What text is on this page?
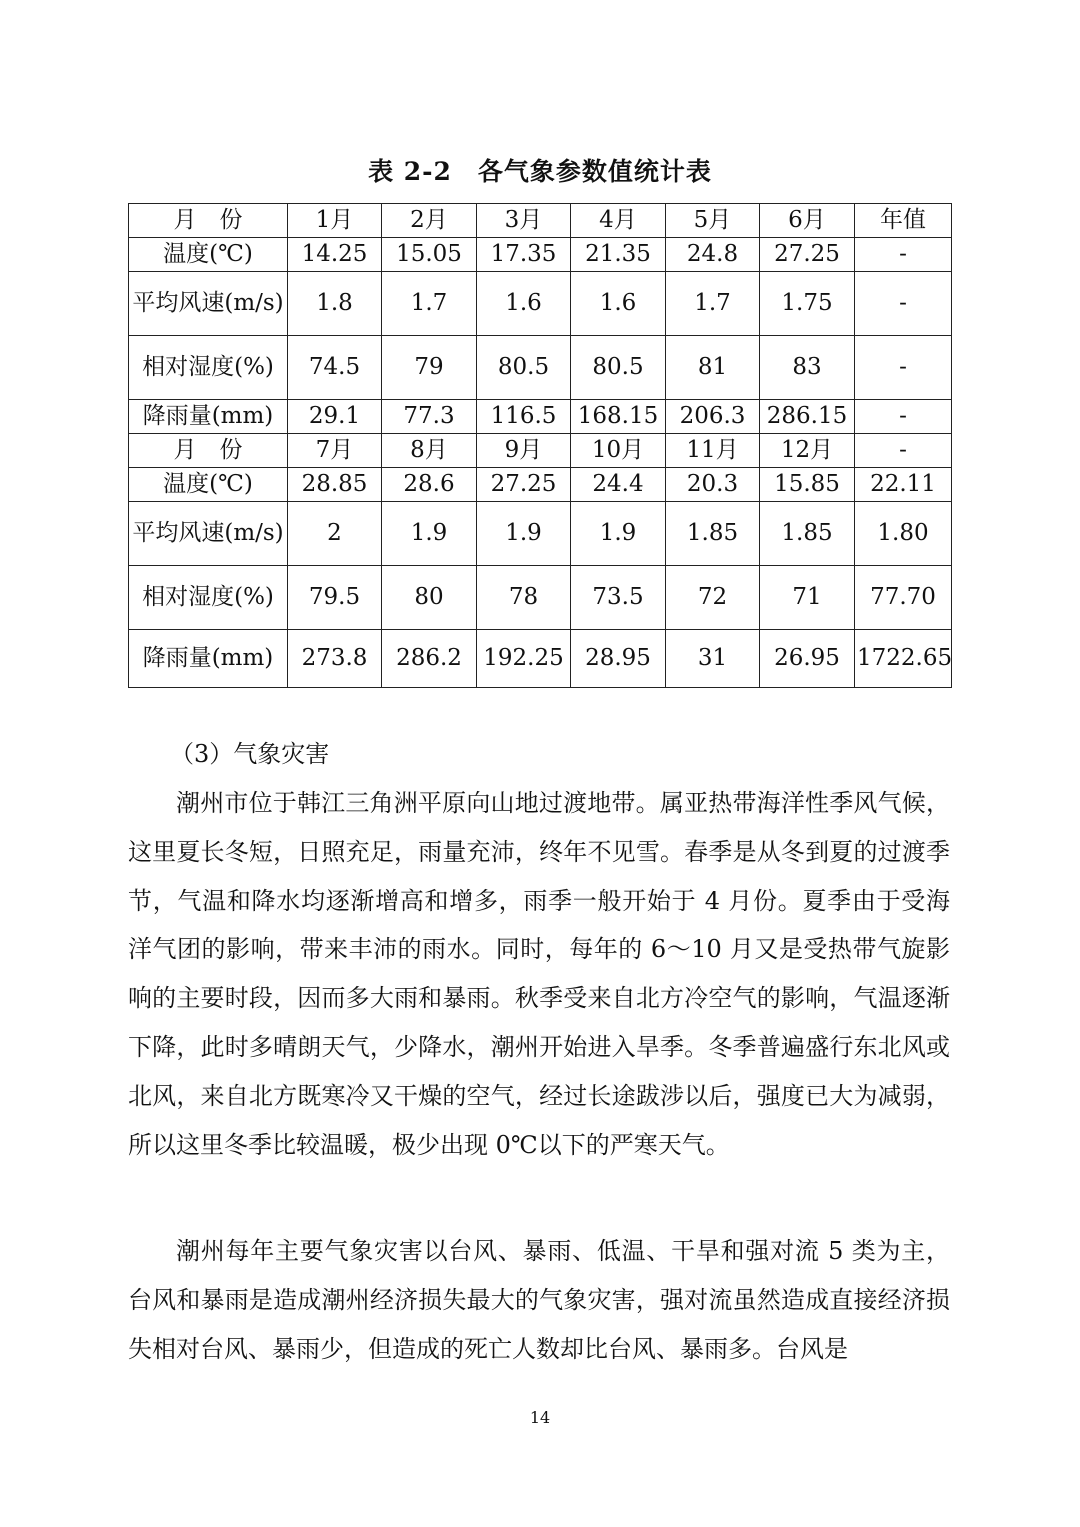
表 2-2　各气象参数值统计表
月　份	1月	2月	3月	4月	5月	6月	年值
温度(℃)	14.25	15.05	17.35	21.35	24.8	27.25	-
平均风速(m/s)	1.8	1.7	1.6	1.6	1.7	1.75	-
相对湿度(%)	74.5	79	80.5	80.5	81	83	-
降雨量(mm)	29.1	77.3	116.5	168.15	206.3	286.15	-
月　份	7月	8月	9月	10月	11月	12月	-
温度(℃)	28.85	28.6	27.25	24.4	20.3	15.85	22.11
平均风速(m/s)	2	1.9	1.9	1.9	1.85	1.85	1.80
相对湿度(%)	79.5	80	78	73.5	72	71	77.70
降雨量(mm)	273.8	286.2	192.25	28.95	31	26.95	1722.65
（3）气象灾害

潮州市位于韩江三角洲平原向山地过渡地带。属亚热带海洋性季风气候，这里夏长冬短，日照充足，雨量充沛，终年不见雪。春季是从冬到夏的过渡季节，气温和降水均逐渐增高和增多，雨季一般开始于 4 月份。夏季由于受海洋气团的影响，带来丰沛的雨水。同时，每年的 6～10 月又是受热带气旋影响的主要时段，因而多大雨和暴雨。秋季受来自北方冷空气的影响，气温逐渐下降，此时多晴朗天气，少降水，潮州开始进入旱季。冬季普遍盛行东北风或北风，来自北方既寒冷又干燥的空气，经过长途跋涉以后，强度已大为减弱，所以这里冬季比较温暖，极少出现 0℃以下的严寒天气。

潮州每年主要气象灾害以台风、暴雨、低温、干旱和强对流 5 类为主，台风和暴雨是造成潮州经济损失最大的气象灾害，强对流虽然造成直接经济损失相对台风、暴雨少，但造成的死亡人数却比台风、暴雨多。台风是

14
